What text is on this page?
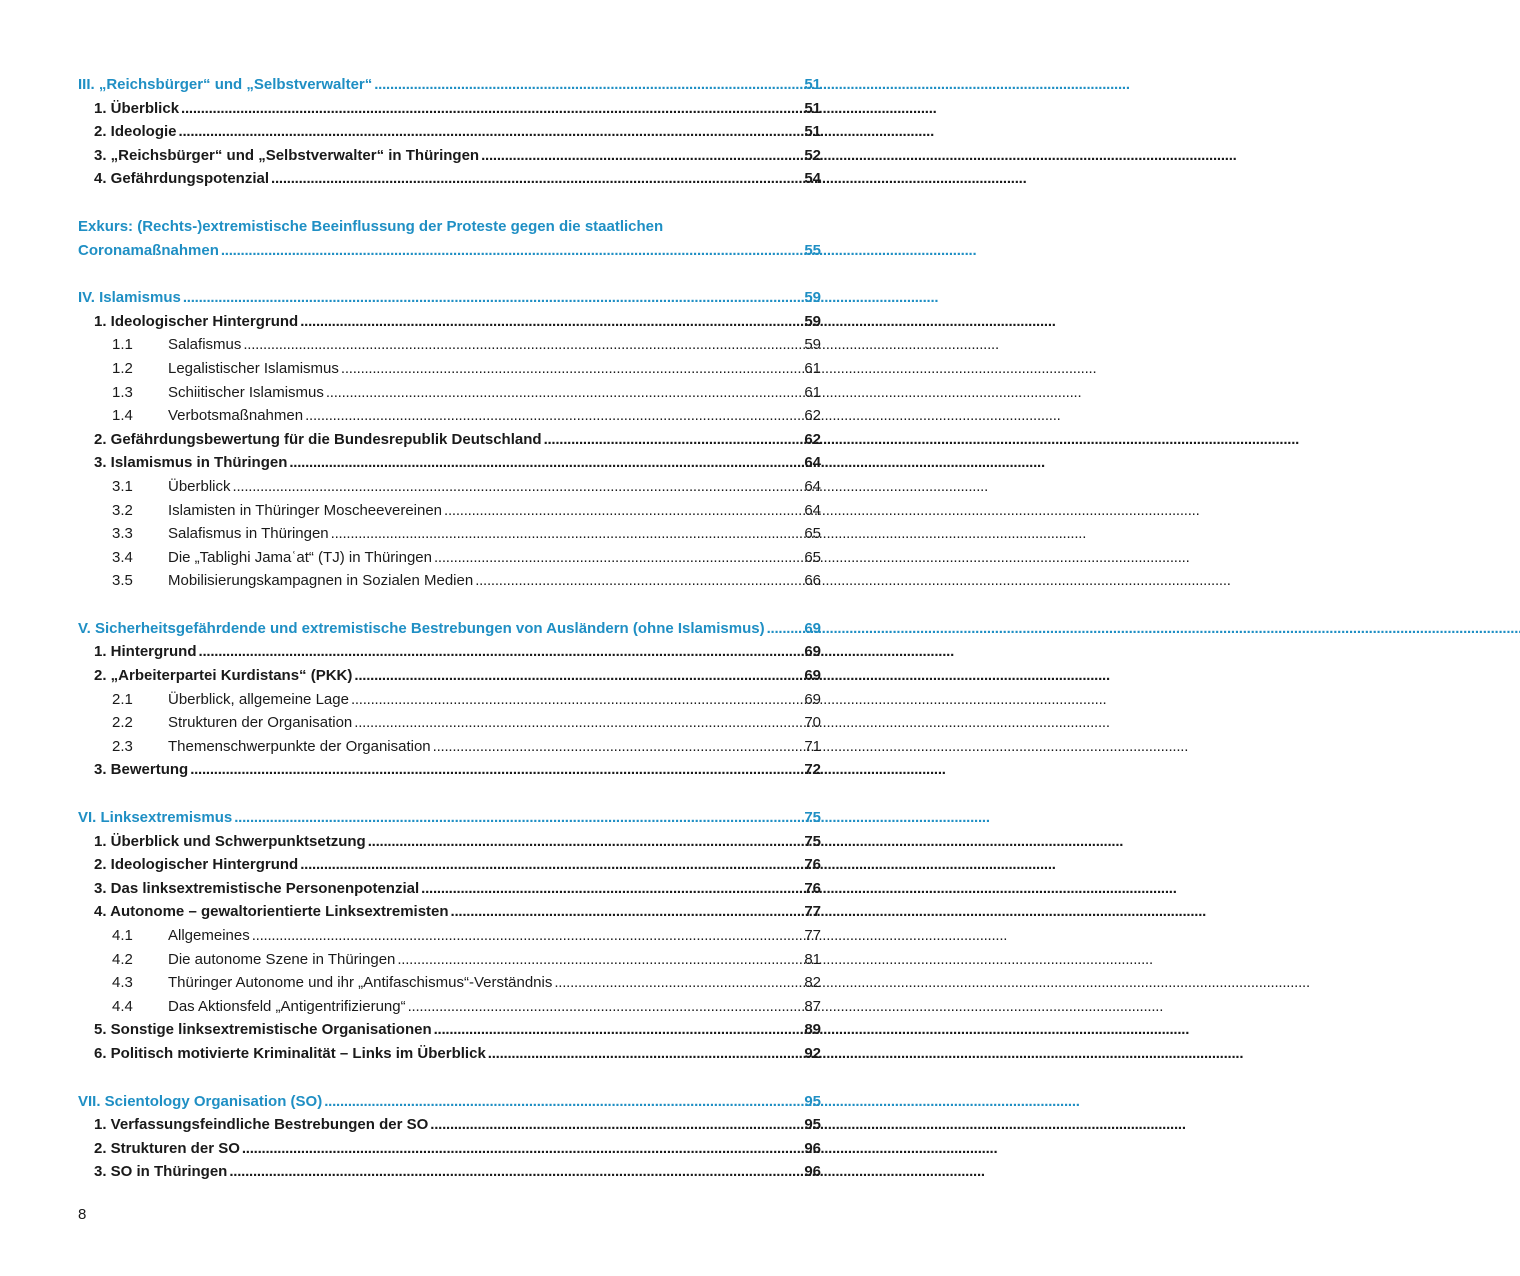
III. „Reichsbürger“ und „Selbstverwalter“ . . .	51
1. Überblick . . .	51
2. Ideologie . . .	51
3. „Reichsbürger“ und „Selbstverwalter“ in Thüringen . . .	52
4. Gefährdungspotenzial . . .	54
Exkurs: (Rechts-)extremistische Beeinflussung der Proteste gegen die staatlichen
Coronamaßnahmen . . .	55
IV. Islamismus . . .	59
1. Ideologischer Hintergrund . . .	59
1.1 Salafismus . . .	59
1.2 Legalistischer Islamismus . . .	61
1.3 Schiitischer Islamismus . . .	61
1.4 Verbotsmaßnahmen . . .	62
2. Gefährdungsbewertung für die Bundesrepublik Deutschland . . .	62
3. Islamismus in Thüringen . . .	64
3.1 Überblick . . .	64
3.2 Islamisten in Thüringer Moscheevereinen . . .	64
3.3 Salafismus in Thüringen . . .	65
3.4 Die „Tablighi Jamaʿat“ (TJ) in Thüringen . . .	65
3.5 Mobilisierungskampagnen in Sozialen Medien . . .	66
V. Sicherheitsgefährdende und extremistische Bestrebungen von Ausländern (ohne Islamismus) . . .	69
1. Hintergrund . . .	69
2. „Arbeiterpartei Kurdistans“ (PKK) . . .	69
2.1 Überblick, allgemeine Lage . . .	69
2.2 Strukturen der Organisation . . .	70
2.3 Themenschwerpunkte der Organisation . . .	71
3. Bewertung . . .	72
VI. Linksextremismus . . .	75
1. Überblick und Schwerpunktsetzung . . .	75
2. Ideologischer Hintergrund . . .	76
3. Das linksextremistische Personenpotenzial . . .	76
4. Autonome – gewaltorientierte Linksextremisten . . .	77
4.1 Allgemeines . . .	77
4.2 Die autonome Szene in Thüringen . . .	81
4.3 Thüringer Autonome und ihr „Antifaschismus“-Verständnis . . .	82
4.4 Das Aktionsfeld „Antigentrifizierung“ . . .	87
5. Sonstige linksextremistische Organisationen . . .	89
6. Politisch motivierte Kriminalität – Links im Überblick . . .	92
VII. Scientology Organisation (SO) . . .	95
1. Verfassungsfeindliche Bestrebungen der SO . . .	95
2. Strukturen der SO . . .	96
3. SO in Thüringen . . .	96
8
